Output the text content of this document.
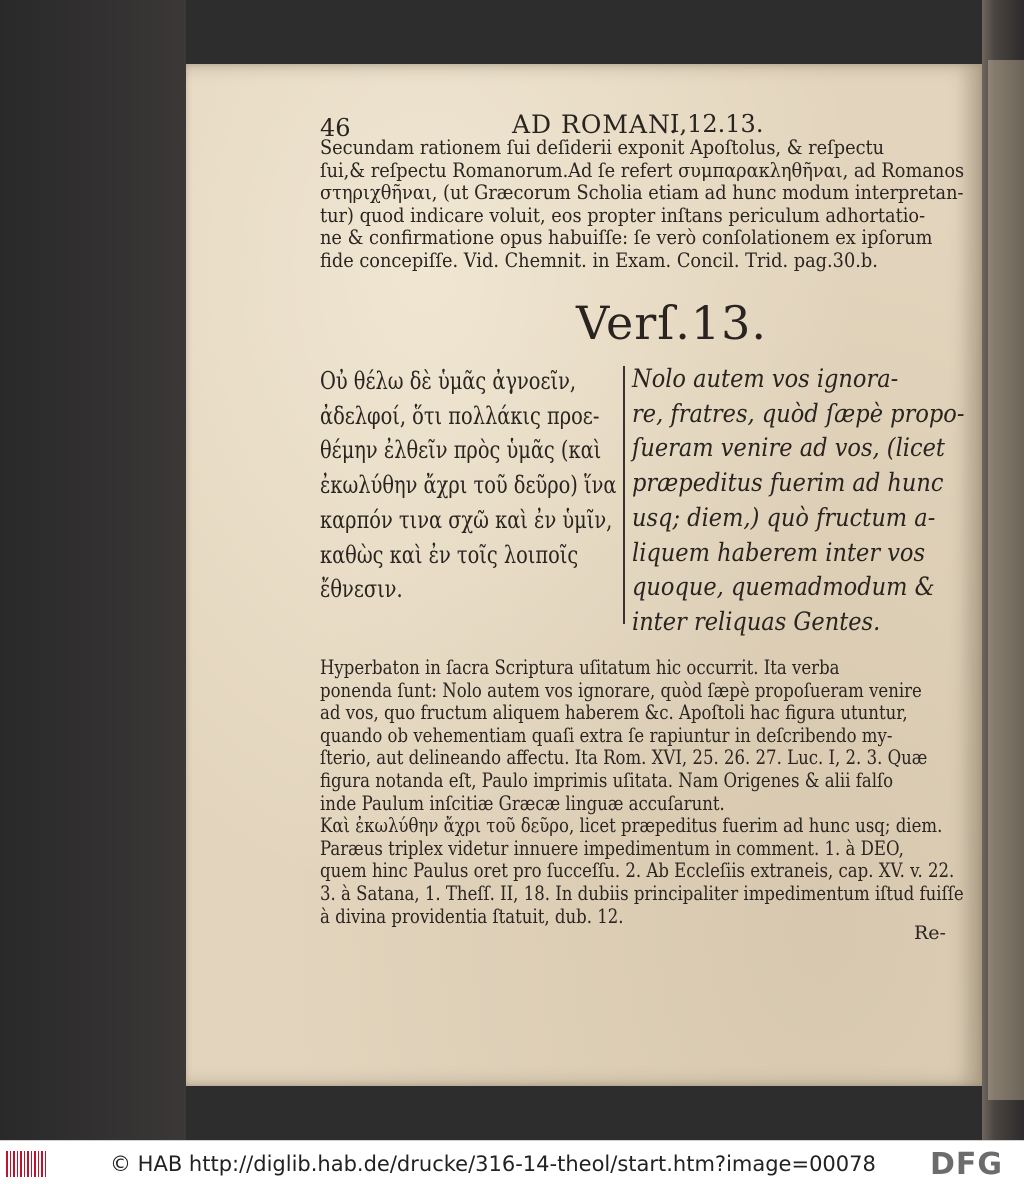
46	AD ROMAN.
I,12.13.
Secundam rationem ſui deſiderii exponit Apoſtolus, & reſpectu
ſui,& reſpectu Romanorum.Ad ſe refert συμπαρακληθῆναι, ad Romanos
στηριχθῆναι, (ut Græcorum Scholia etiam ad hunc modum interpretan-
tur) quod indicare voluit, eos propter inſtans periculum adhortatio-
ne & confirmatione opus habuiſſe: ſe verò conſolationem ex ipſorum
fide concepiſſe. Vid. Chemnit. in Exam. Concil. Trid. pag.30.b.
Verſ.13.
Οὐ θέλω δὲ ὑμᾶς ἀγνοεῖν,
ἀδελφοί, ὅτι πολλάκις προε-
θέμην ἐλθεῖν πρὸς ὑμᾶς (καὶ
ἐκωλύθην ἄχρι τοῦ δεῦρο) ἵνα
καρπόν τινα σχῶ καὶ ἐν ὑμῖν,
καθὼς καὶ ἐν τοῖς λοιποῖς
ἔθνεσιν.
Nolo autem vos ignora-
re, fratres, quòd ſæpè propo-
ſueram venire ad vos, (licet
præpeditus fuerim ad hunc
usq; diem,) quò fructum a-
liquem haberem inter vos
quoque, quemadmodum &
inter reliquas Gentes.
Hyperbaton in ſacra Scriptura uſitatum hic occurrit. Ita verba
ponenda ſunt: Nolo autem vos ignorare, quòd ſæpè propoſueram venire
ad vos, quo fructum aliquem haberem &c. Apoſtoli hac figura utuntur,
quando ob vehementiam quaſi extra ſe rapiuntur in deſcribendo my-
ſterio, aut delineando affectu. Ita Rom. XVI, 25. 26. 27. Luc. I, 2. 3. Quæ
figura notanda eſt, Paulo imprimis uſitata. Nam Origenes & alii falſo
inde Paulum inſcitiæ Græcæ linguæ accuſarunt.
Καὶ ἐκωλύθην ἄχρι τοῦ δεῦρο, licet præpeditus fuerim ad hunc usq; diem.
Paræus triplex videtur innuere impedimentum in comment. 1. à DEO,
quem hinc Paulus oret pro ſucceſſu. 2. Ab Eccleſiis extraneis, cap. XV. v. 22.
3. à Satana, 1. Theſſ. II, 18. In dubiis principaliter impedimentum iſtud fuiſſe
à divina providentia ſtatuit, dub. 12.
Re-
© HAB http://diglib.hab.de/drucke/316-14-theol/start.htm?image=00078 DFG
